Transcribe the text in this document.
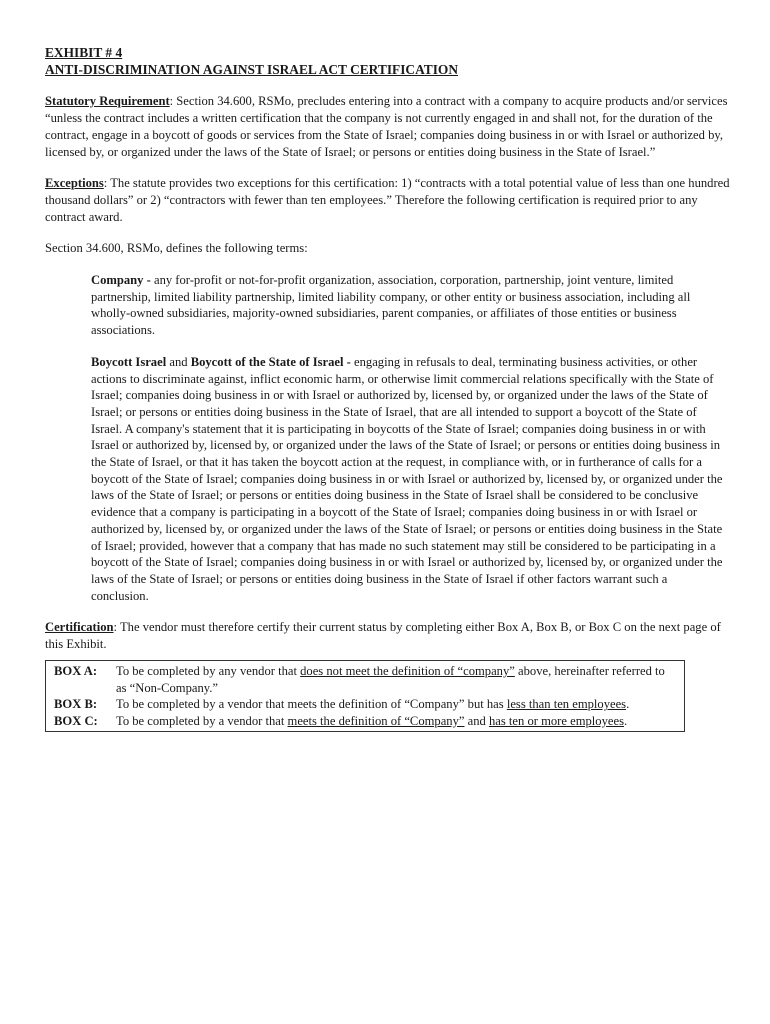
EXHIBIT # 4
ANTI-DISCRIMINATION AGAINST ISRAEL ACT CERTIFICATION
Statutory Requirement: Section 34.600, RSMo, precludes entering into a contract with a company to acquire products and/or services “unless the contract includes a written certification that the company is not currently engaged in and shall not, for the duration of the contract, engage in a boycott of goods or services from the State of Israel; companies doing business in or with Israel or authorized by, licensed by, or organized under the laws of the State of Israel; or persons or entities doing business in the State of Israel.”
Exceptions: The statute provides two exceptions for this certification: 1) “contracts with a total potential value of less than one hundred thousand dollars” or 2) “contractors with fewer than ten employees.” Therefore the following certification is required prior to any contract award.
Section 34.600, RSMo, defines the following terms:
Company - any for-profit or not-for-profit organization, association, corporation, partnership, joint venture, limited partnership, limited liability partnership, limited liability company, or other entity or business association, including all wholly-owned subsidiaries, majority-owned subsidiaries, parent companies, or affiliates of those entities or business associations.
Boycott Israel and Boycott of the State of Israel - engaging in refusals to deal, terminating business activities, or other actions to discriminate against, inflict economic harm, or otherwise limit commercial relations specifically with the State of Israel; companies doing business in or with Israel or authorized by, licensed by, or organized under the laws of the State of Israel; or persons or entities doing business in the State of Israel, that are all intended to support a boycott of the State of Israel. A company's statement that it is participating in boycotts of the State of Israel; companies doing business in or with Israel or authorized by, licensed by, or organized under the laws of the State of Israel; or persons or entities doing business in the State of Israel, or that it has taken the boycott action at the request, in compliance with, or in furtherance of calls for a boycott of the State of Israel; companies doing business in or with Israel or authorized by, licensed by, or organized under the laws of the State of Israel; or persons or entities doing business in the State of Israel shall be considered to be conclusive evidence that a company is participating in a boycott of the State of Israel; companies doing business in or with Israel or authorized by, licensed by, or organized under the laws of the State of Israel; or persons or entities doing business in the State of Israel; provided, however that a company that has made no such statement may still be considered to be participating in a boycott of the State of Israel; companies doing business in or with Israel or authorized by, licensed by, or organized under the laws of the State of Israel; or persons or entities doing business in the State of Israel if other factors warrant such a conclusion.
Certification: The vendor must therefore certify their current status by completing either Box A, Box B, or Box C on the next page of this Exhibit.
BOX A:	To be completed by any vendor that does not meet the definition of “company” above, hereinafter referred to as “Non-Company.”
BOX B:	To be completed by a vendor that meets the definition of “Company” but has less than ten employees.
BOX C:	To be completed by a vendor that meets the definition of “Company” and has ten or more employees.
